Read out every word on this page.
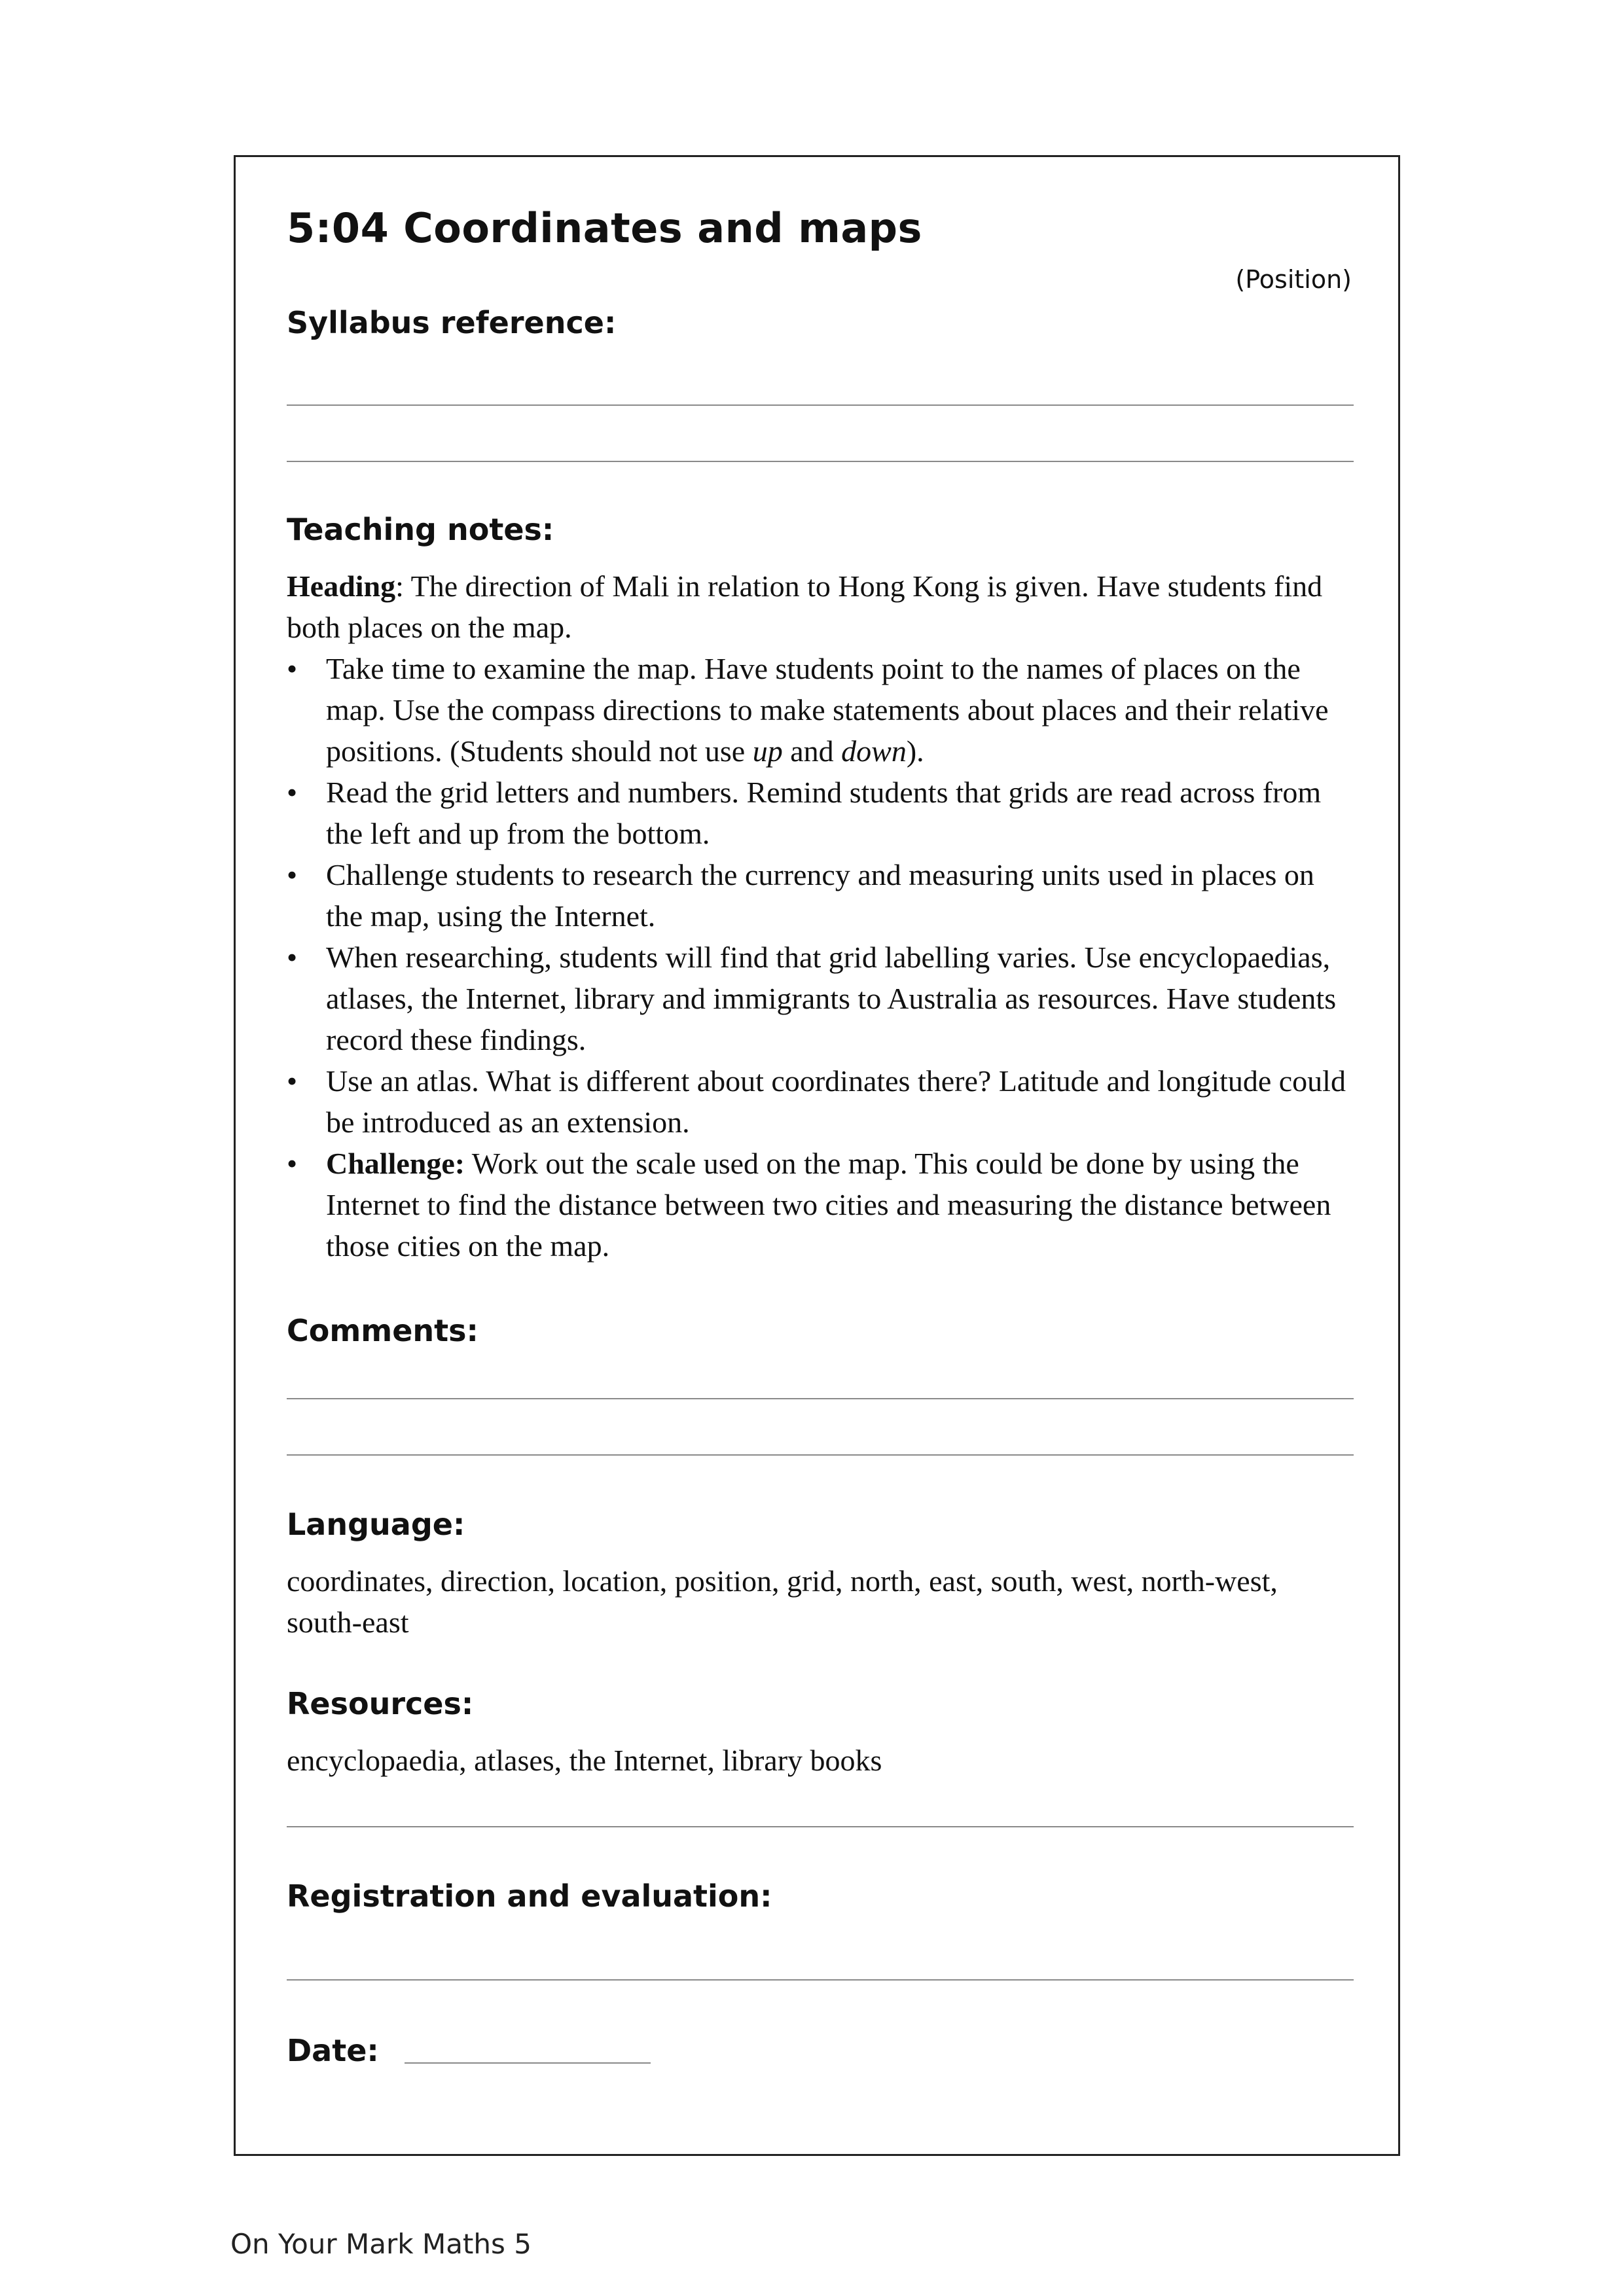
5:04 Coordinates and maps
(Position)
Syllabus reference:
Teaching notes:

Heading: The direction of Mali in relation to Hong Kong is given. Have students find both places on the map.

• Take time to examine the map. Have students point to the names of places on the map. Use the compass directions to make statements about places and their relative positions. (Students should not use up and down).
• Read the grid letters and numbers. Remind students that grids are read across from the left and up from the bottom.
• Challenge students to research the currency and measuring units used in places on the map, using the Internet.
• When researching, students will find that grid labelling varies. Use encyclopaedias, atlases, the Internet, library and immigrants to Australia as resources. Have students record these findings.
• Use an atlas. What is different about coordinates there? Latitude and longitude could be introduced as an extension.
• Challenge: Work out the scale used on the map. This could be done by using the Internet to find the distance between two cities and measuring the distance between those cities on the map.
Comments:
Language:

coordinates, direction, location, position, grid, north, east, south, west, north-west, south-east

Resources:

encyclopaedia, atlases, the Internet, library books

Registration and evaluation:
Date:
On Your Mark Maths 5
